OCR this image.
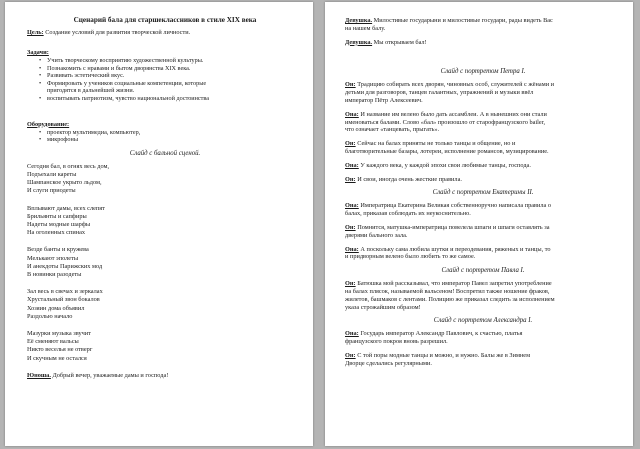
Сценарий бала для старшеклассников в стиле XIX века
Цель: Создание условий для развития творческой личности.
Задачи:
• Учить творческому восприятию художественной культуры.
• Познакомить с нравами и бытом дворянства XIX века.
• Развивать эстетический вкус.
• Формировать у учеников социальные компетенции, которые
пригодятся в дальнейшей жизни.
• воспитывать патриотизм, чувство национальной достоинства
Оборудование:
• проектор мультимедиа, компьютер,
• микрофоны
Слайд с бальной сценой.
Сегодня бал, в огнях весь дом,
Подъехали кареты
Шампанское укрыто льдом,
И слуги приодеты
Вплывают дамы, всех слепят
Брильянты и сапфиры
Надеты модные шарфы
На оголенных спинах
Везде банты и кружева
Мелькают эполеты
И анекдоты Парижских мод
В новинки разодеты
Зал весь в свечах и зеркалах
Хрустальный звон бокалов
Хозяин дома объявил
Раздолью начало
Мазурки музыка звучит
Её сменяют вальсы
Никто веселья не отверг
И скучным не остался
Юноша. Добрый вечер, уважаемые дамы и господа!
Девушка. Милостивые государыни и милостивые государи, рады видеть Вас
на нашем балу.
Девушка. Мы открываем бал!
Слайд с портретом Петра I.
Он: Традицию собирать всех дворян, чиновных особ, служителей с жёнами и
детьми для разговоров, танцев галантных, упражнений и музыки ввёл
император Пётр Алексеевич.
Она: И название им велено было дать ассамблеи. А в нынешних они стали
именоваться балами. Слово «бал» произошло от старофранцузского bailer,
что означает «танцевать, прыгать».
Он: Сейчас на балах приняты не только танцы и общение, но и
благотворительные базары, лотереи, исполнение романсов, музицирование.
Она: У каждого века, у каждой эпохи свои любимые танцы, господа.
Он: И свои, иногда очень жесткие правила.
Слайд с портретом Екатерины II.
Она: Императрица Екатерина Великая собственноручно написала правила о
балах, приказав соблюдать их неукоснительно.
Он: Помнится, матушка-императрица повелела шпаги и шпаги оставлять за
дверями бального зала.
Она: А поскольку сама любила шутки и переодевания, ряженых и танцы, то
и придворным велено было любить то же самое.
Слайд с портретом Павла I.
Он: Батюшка мой рассказывал, что император Павел запретил употребление
на балах плясок, называемой вальсеном! Воспретил также ношение фраков,
жилетов, башмаков с лентами. Полицию же приказал следить за исполнением
указа строжайшим образом!
Слайд с портретом Александра I.
Она: Государь император Александр Павлович, к счастью, платья
французского покроя вновь разрешил.
Он: С той поры модные танцы и можно, и нужно. Балы же в Зимнем
Дворце сделались регулярными.
